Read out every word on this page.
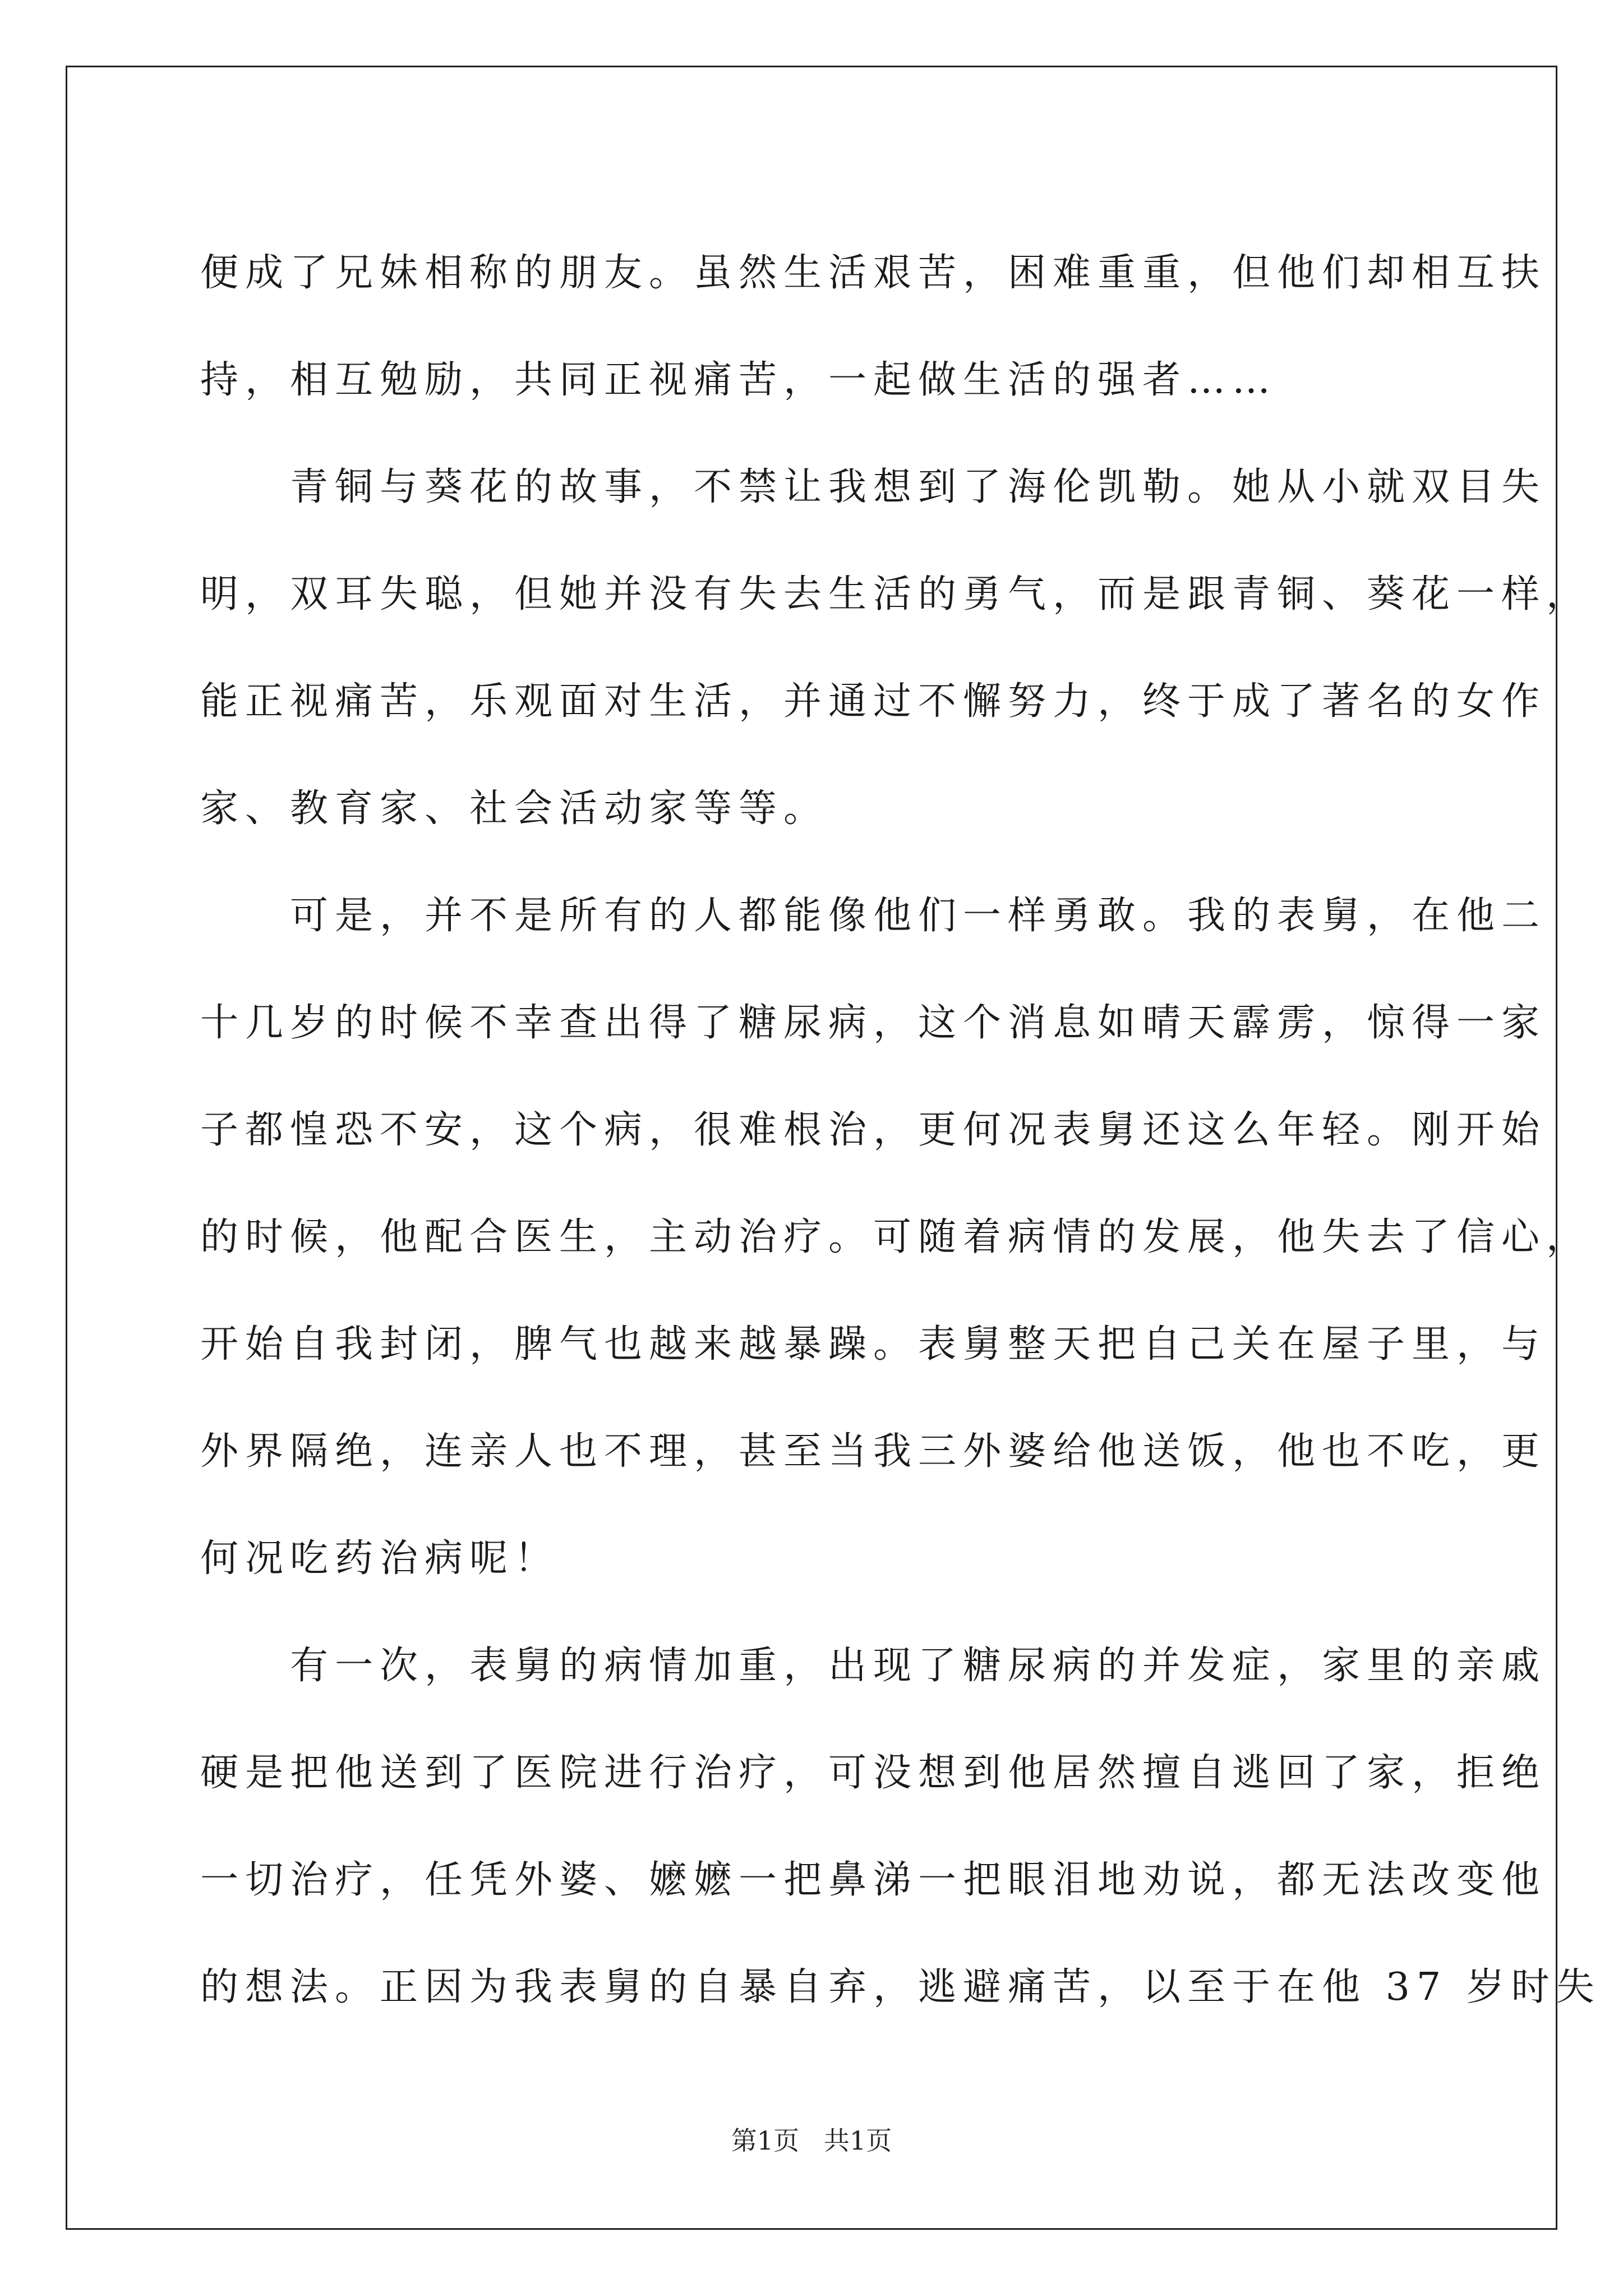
便成了兄妹相称的朋友。虽然生活艰苦，困难重重，但他们却相互扶
持，相互勉励，共同正视痛苦，一起做生活的强者……
　　青铜与葵花的故事，不禁让我想到了海伦凯勒。她从小就双目失
明，双耳失聪，但她并没有失去生活的勇气，而是跟青铜、葵花一样，
能正视痛苦，乐观面对生活，并通过不懈努力，终于成了著名的女作
家、教育家、社会活动家等等。
　　可是，并不是所有的人都能像他们一样勇敢。我的表舅，在他二
十几岁的时候不幸查出得了糖尿病，这个消息如晴天霹雳，惊得一家
子都惶恐不安，这个病，很难根治，更何况表舅还这么年轻。刚开始
的时候，他配合医生，主动治疗。可随着病情的发展，他失去了信心，
开始自我封闭，脾气也越来越暴躁。表舅整天把自己关在屋子里，与
外界隔绝，连亲人也不理，甚至当我三外婆给他送饭，他也不吃，更
何况吃药治病呢！
　　有一次，表舅的病情加重，出现了糖尿病的并发症，家里的亲戚
硬是把他送到了医院进行治疗，可没想到他居然擅自逃回了家，拒绝
一切治疗，任凭外婆、嬷嬷一把鼻涕一把眼泪地劝说，都无法改变他
的想法。正因为我表舅的自暴自弃，逃避痛苦，以至于在他 37 岁时失
第1页   共1页
